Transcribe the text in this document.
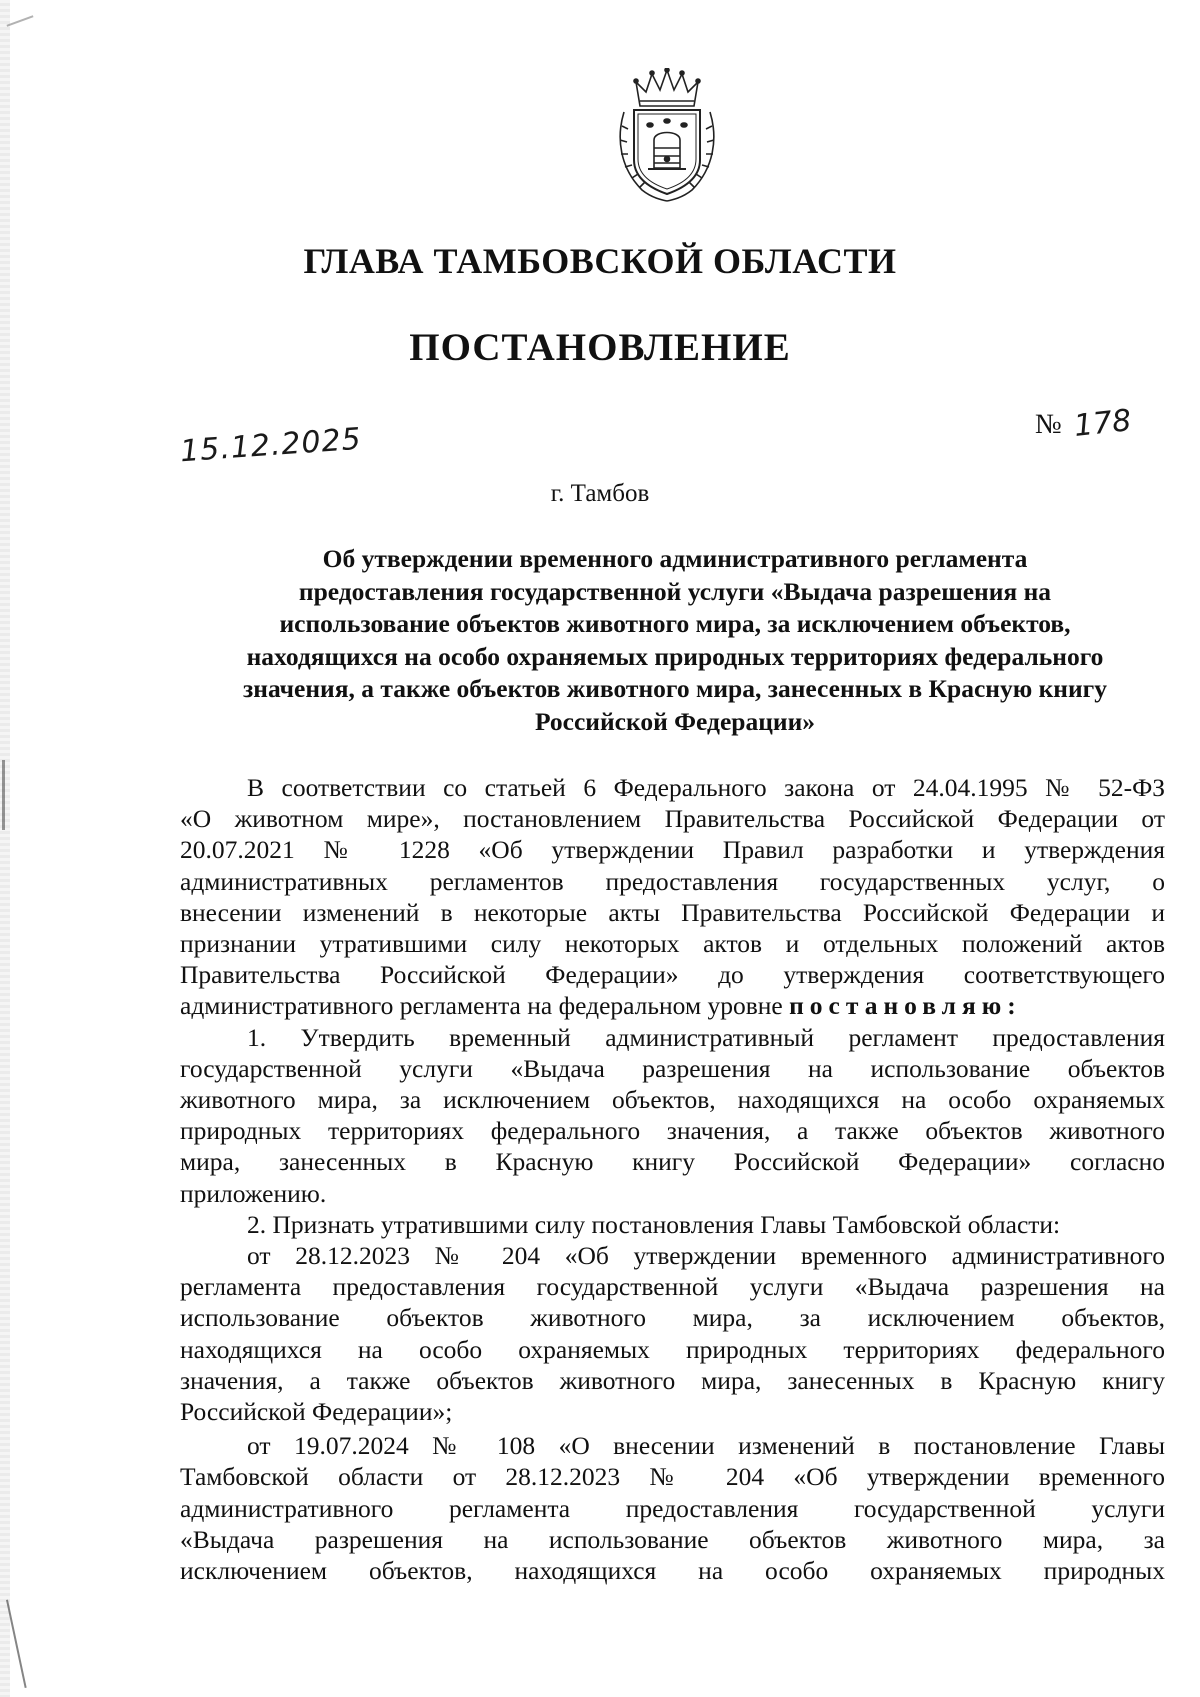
ГЛАВА ТАМБОВСКОЙ ОБЛАСТИ
ПОСТАНОВЛЕНИЕ
15.12.2025	№ 178
г. Тамбов
Об утверждении временного административного регламента
предоставления государственной услуги «Выдача разрешения на
использование объектов животного мира, за исключением объектов,
находящихся на особо охраняемых природных территориях федерального
значения, а также объектов животного мира, занесенных в Красную книгу
Российской Федерации»
В соответствии со статьей 6 Федерального закона от 24.04.1995 № 52-ФЗ
«О животном мире», постановлением Правительства Российской Федерации от
20.07.2021 № 1228 «Об утверждении Правил разработки и утверждения
административных регламентов предоставления государственных услуг, о
внесении изменений в некоторые акты Правительства Российской Федерации и
признании утратившими силу некоторых актов и отдельных положений актов
Правительства Российской Федерации» до утверждения соответствующего
административного регламента на федеральном уровне постановляю:
1. Утвердить временный административный регламент предоставления
государственной услуги «Выдача разрешения на использование объектов
животного мира, за исключением объектов, находящихся на особо охраняемых
природных территориях федерального значения, а также объектов животного
мира, занесенных в Красную книгу Российской Федерации» согласно
приложению.
2. Признать утратившими силу постановления Главы Тамбовской области:
от 28.12.2023 № 204 «Об утверждении временного административного
регламента предоставления государственной услуги «Выдача разрешения на
использование объектов животного мира, за исключением объектов,
находящихся на особо охраняемых природных территориях федерального
значения, а также объектов животного мира, занесенных в Красную книгу
Российской Федерации»;
от 19.07.2024 № 108 «О внесении изменений в постановление Главы
Тамбовской области от 28.12.2023 № 204 «Об утверждении временного
административного регламента предоставления государственной услуги
«Выдача разрешения на использование объектов животного мира, за
исключением объектов, находящихся на особо охраняемых природных
